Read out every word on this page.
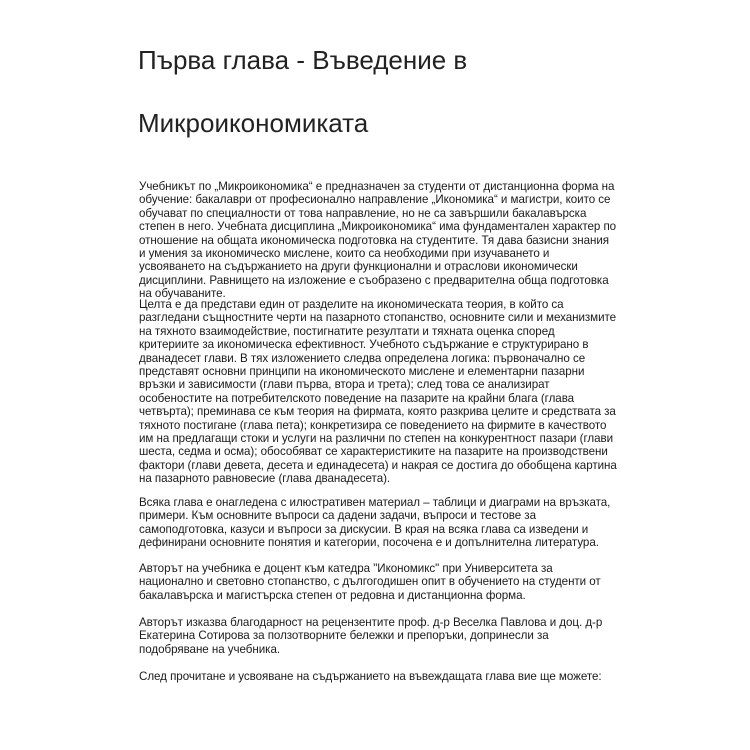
Първа глава - Въведение в
Микроикономиката

Учебникът по „Микроикономика“ е предназначен за студенти от дистанционна форма на обучение: бакалаври от професионално направление „Икономика“ и магистри, които се обучават по специалности от това направление, но не са завършили бакалавърска степен в него. Учебната дисциплина „Микроикономика“ има фундаментален характер по отношение на общата икономическа подготовка на студентите. Тя дава базисни знания и умения за икономическо мислене, които са необходими при изучаването и усвояването на съдържанието на други функционални и отраслови икономически дисциплини. Равнището на изложение е съобразено с предварителна обща подготовка на обучаваните.

Целта е да представи един от разделите на икономическата теория, в който са разгледани същностните черти на пазарното стопанство, основните сили и механизмите на тяхното взаимодействие, постигнатите резултати и тяхната оценка според критериите за икономическа ефективност. Учебното съдържание е структурирано в дванадесет глави. В тях изложението следва определена логика: първоначално се представят основни принципи на икономическото мислене и елементарни пазарни връзки и зависимости (глави първа, втора и трета); след това се анализират особеностите на потребителското поведение на пазарите на крайни блага (глава четвърта); преминава се към теория на фирмата, която разкрива целите и средствата за тяхното постигане (глава пета); конкретизира се поведението на фирмите в качеството им на предлагащи стоки и услуги на различни по степен на конкурентност пазари (глави шеста, седма и осма); обособяват се характеристиките на пазарите на производствени фактори (глави девета, десета и единадесета) и накрая се достига до обобщена картина на пазарното равновесие (глава дванадесета).

Всяка глава е онагледена с илюстративен материал – таблици и диаграми на връзката, примери. Към основните въпроси са дадени задачи, въпроси и тестове за самоподготовка, казуси и въпроси за дискусии. В края на всяка глава са изведени и дефинирани основните понятия и категории, посочена е и допълнителна литература.

Авторът на учебника е доцент към катедра "Икономикс" при Университета за национално и световно стопанство, с дългогодишен опит в обучението на студенти от бакалавърска и магистърска степен от редовна и дистанционна форма.

Авторът изказва благодарност на рецензентите проф. д-р Веселка Павлова и доц. д-р Екатерина Сотирова за ползотворните бележки и препоръки, допринесли за подобряване на учебника.

След прочитане и усвояване на съдържанието на въвеждащата глава вие ще можете:
